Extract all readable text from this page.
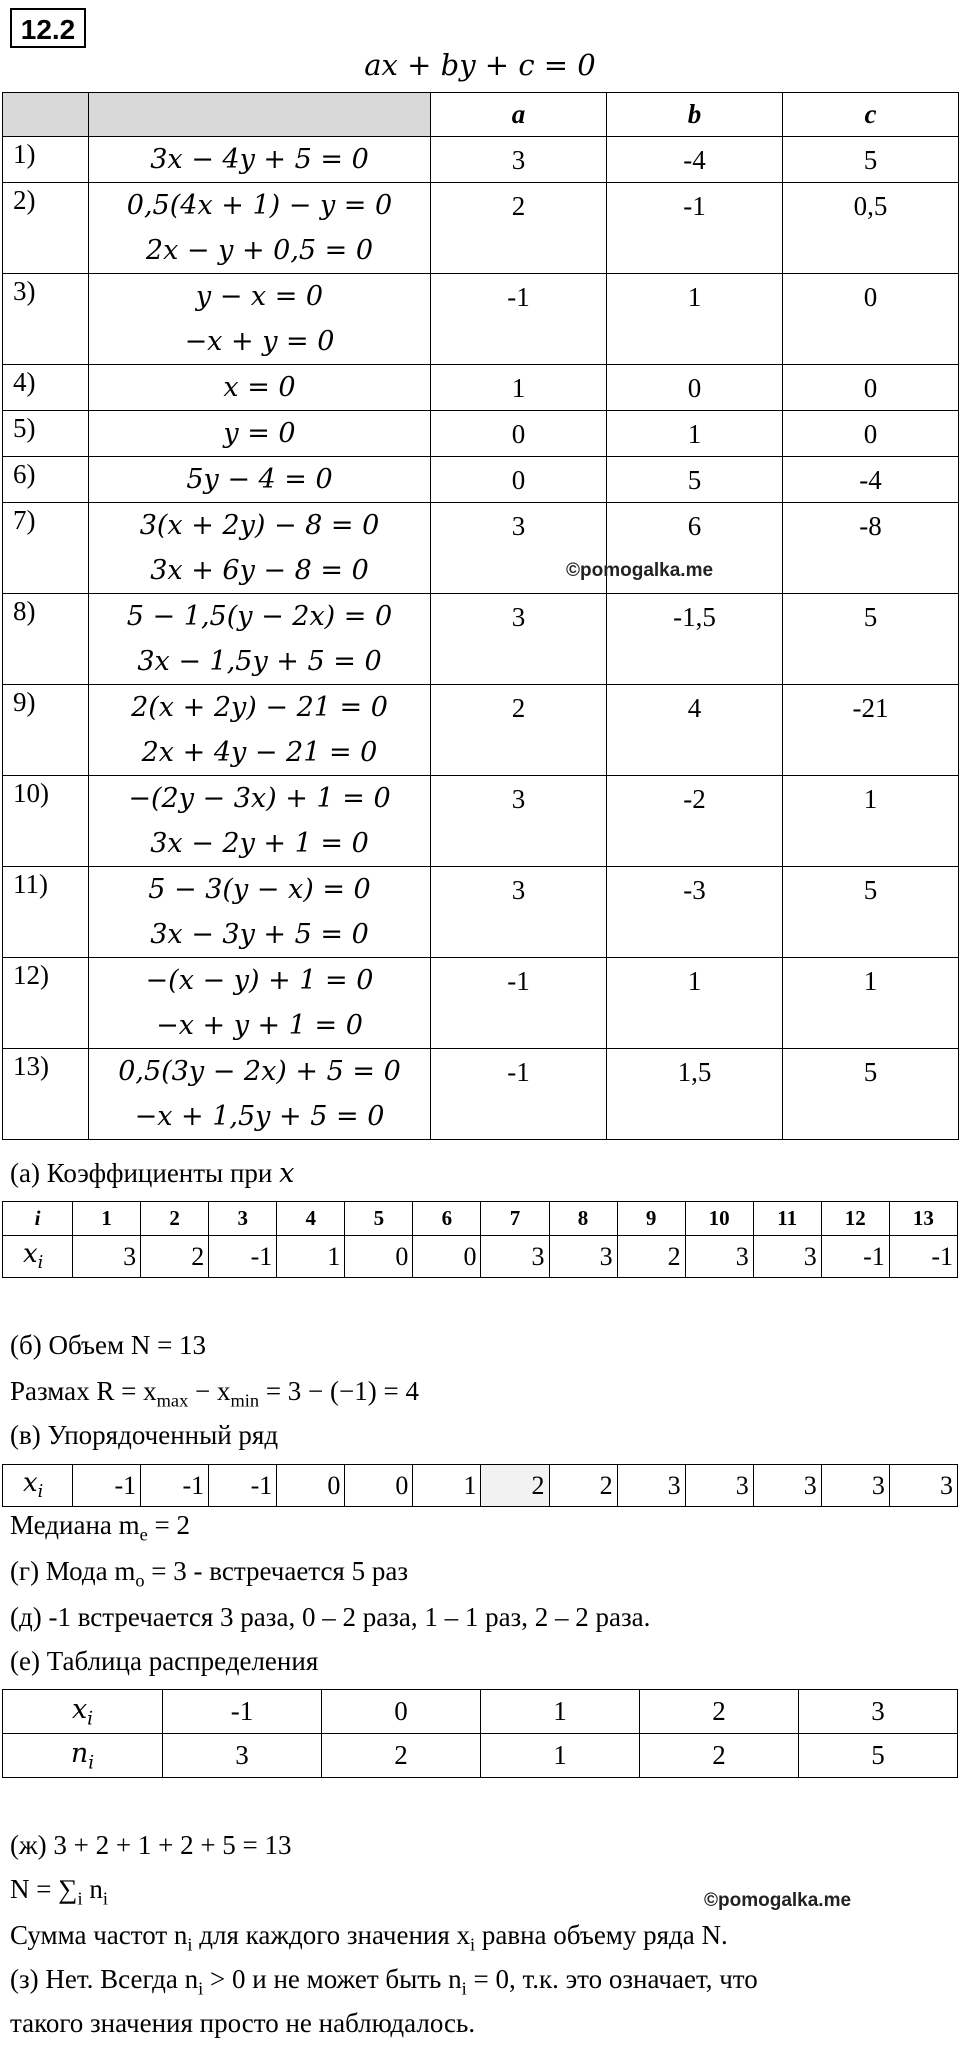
12.2
ax + by + c = 0
		a	b	c
1)	3x − 4y + 5 = 0	3	-4	5

2)	0,5(4x + 1) − y = 0
2x − y + 0,5 = 0	2	-1	0,5

3)	y − x = 0
−x + y = 0	-1	1	0

4)	x = 0	1	0	0

5)	y = 0	0	1	0

6)	5y − 4 = 0	0	5	-4

7)	3(x + 2y) − 8 = 0
3x + 6y − 8 = 0	3	6	-8

8)	5 − 1,5(y − 2x) = 0
3x − 1,5y + 5 = 0	3	-1,5	5

9)	2(x + 2y) − 21 = 0
2x + 4y − 21 = 0	2	4	-21

10)	−(2y − 3x) + 1 = 0
3x − 2y + 1 = 0	3	-2	1

11)	5 − 3(y − x) = 0
3x − 3y + 5 = 0	3	-3	5

12)	−(x − y) + 1 = 0
−x + y + 1 = 0	-1	1	1

13)	0,5(3y − 2x) + 5 = 0
−x + 1,5y + 5 = 0	-1	1,5	5
©pomogalka.me
(а) Коэффициенты при x
i	1	2	3	4	5	6	7	8	9	10	11	12	13
$x_i$	3	2	-1	1	0	0	3	3	2	3	3	-1	-1
(б) Объем N = 13
Размах $R = x_{max} - x_{min} = 3 - (-1) = 4$
(в) Упорядоченный ряд
$x_i$	-1	-1	-1	0	0	1	2	2	3	3	3	3	3
Медиана $m_e = 2$
(г) Мода $m_o = 3$ - встречается 5 раз
(д) -1 встречается 3 раза, 0 – 2 раза, 1 – 1 раз, 2 – 2 раза.
(е) Таблица распределения
$x_i$	-1	0	1	2	3
$n_i$	3	2	1	2	5
(ж) 3 + 2 + 1 + 2 + 5 = 13
$N = \sum_i$ $n_i$	©pomogalka.me
Сумма частот $n_i$ для каждого значения $x_i$ равна объему ряда N.
(з) Нет. Всегда $n_i > 0$ и не может быть $n_i = 0$, т.к. это означает, что
такого значения просто не наблюдалось.
